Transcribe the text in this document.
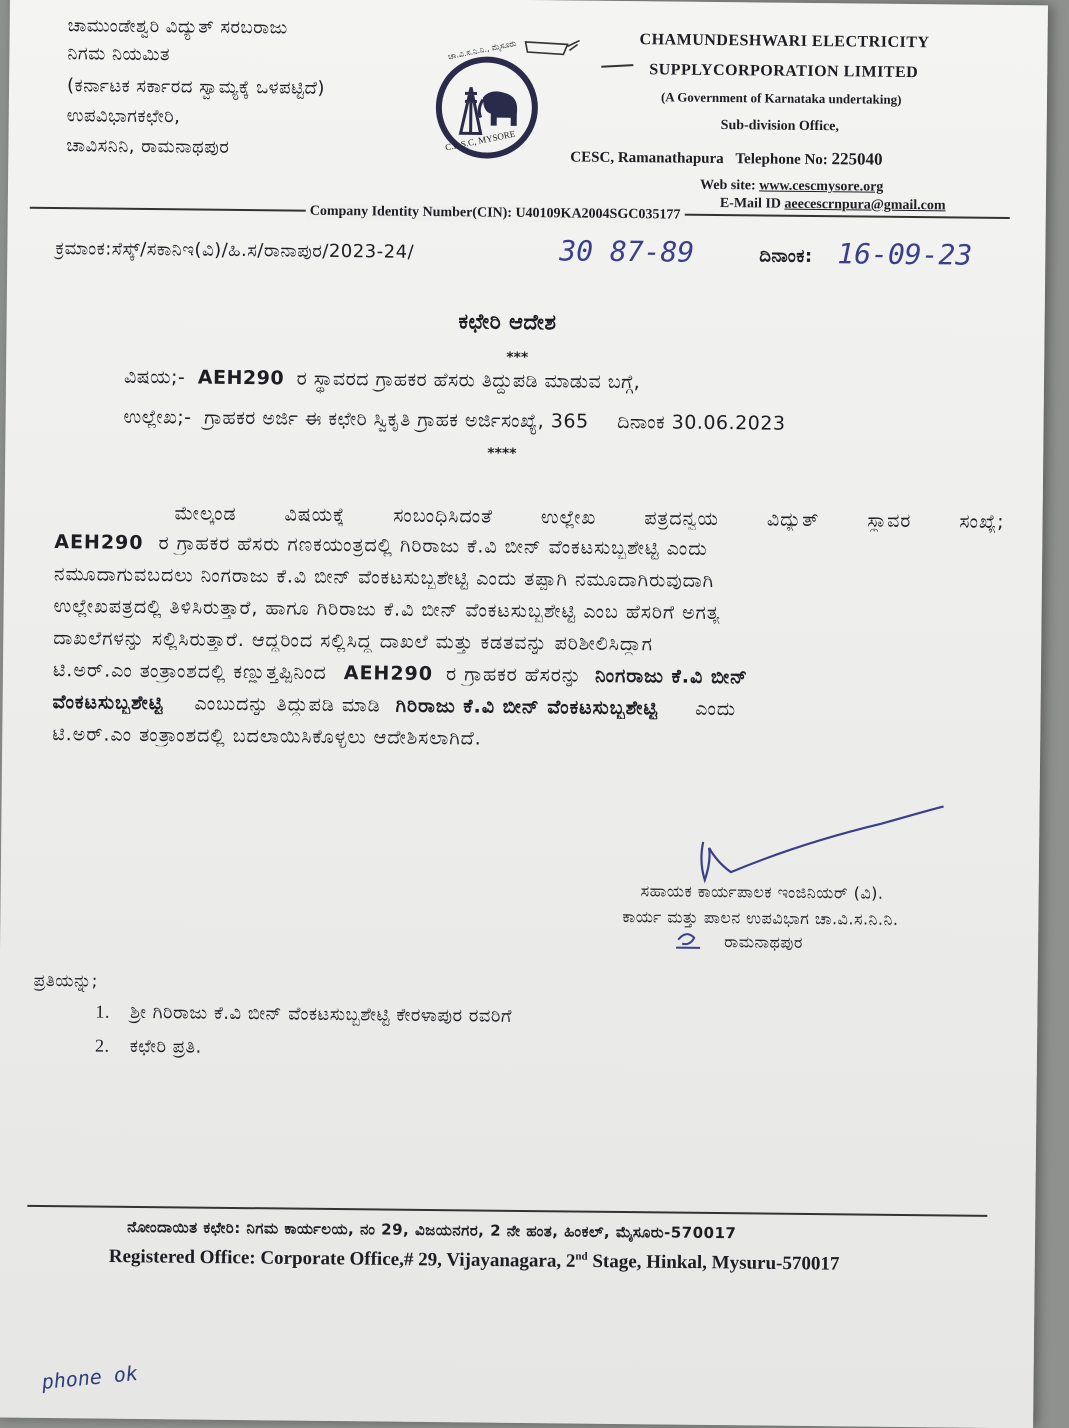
ಚಾಮುಂಡೇಶ್ವರಿ ವಿದ್ಯುತ್ ಸರಬರಾಜು
ನಿಗಮ ನಿಯಮಿತ
(ಕರ್ನಾಟಕ ಸರ್ಕಾರದ ಸ್ವಾಮ್ಯಕ್ಕೆ ಒಳಪಟ್ಟಿದೆ)
ಉಪವಿಭಾಗಕಛೇರಿ,
ಚಾವಿಸನಿನಿ, ರಾಮನಾಥಪುರ
ಚಾ.ವಿ.ಸ.ನಿ.ನಿ., ಮೈಸೂರು
C.E.S.C, MYSORE
CHAMUNDESHWARI ELECTRICITY
SUPPLYCORPORATION LIMITED
(A Government of Karnataka undertaking)
Sub-division Office,
CESC, Ramanathapura Telephone No: 225040
Web site: www.cescmysore.org
E-Mail ID aeecescrnpura@gmail.com
Company Identity Number(CIN): U40109KA2004SGC035177
ಕ್ರಮಾಂಕ:ಸೆಸ್ಕ್/ಸಕಾನಿಇ(ವಿ)/ಹಿ.ಸ/ರಾನಾಪುರ/2023-24/	30 87-89	ದಿನಾಂಕ: 16-09-23
ಕಛೇರಿ ಆದೇಶ
***
ವಿಷಯ;- AEH290 ರ ಸ್ಥಾವರದ ಗ್ರಾಹಕರ ಹೆಸರು ತಿದ್ದುಪಡಿ ಮಾಡುವ ಬಗ್ಗೆ,
ಉಲ್ಲೇಖ;- ಗ್ರಾಹಕರ ಅರ್ಜಿ ಈ ಕಛೇರಿ ಸ್ವಿಕೃತಿ ಗ್ರಾಹಕ ಅರ್ಜಿಸಂಖ್ಯೆ, 365 ದಿನಾಂಕ 30.06.2023
****
ಮೇಲ್ಕಂಡ ವಿಷಯಕ್ಕೆ ಸಂಬಂಧಿಸಿದಂತೆ ಉಲ್ಲೇಖ ಪತ್ರದನ್ವಯ ವಿದ್ಯುತ್ ಸ್ಥಾವರ ಸಂಖ್ಯೆ;
AEH290 ರ ಗ್ರಾಹಕರ ಹೆಸರು ಗಣಕಯಂತ್ರದಲ್ಲಿ ಗಿರಿರಾಜು ಕೆ.ವಿ ಬೀನ್ ವೆಂಕಟಸುಬ್ಬಶೇಟ್ಟಿ ಎಂದು
ನಮೂದಾಗುವಬದಲು ನಿಂಗರಾಜು ಕೆ.ವಿ ಬೀನ್ ವೆಂಕಟಸುಬ್ಬಶೇಟ್ಟಿ ಎಂದು ತಪ್ಪಾಗಿ ನಮೂದಾಗಿರುವುದಾಗಿ
ಉಲ್ಲೇಖಪತ್ರದಲ್ಲಿ ತಿಳಿಸಿರುತ್ತಾರೆ, ಹಾಗೂ ಗಿರಿರಾಜು ಕೆ.ವಿ ಬೀನ್ ವೆಂಕಟಸುಬ್ಬಶೇಟ್ಟಿ ಎಂಬ ಹೆಸರಿಗೆ ಅಗತ್ಯ
ದಾಖಲೆಗಳನ್ನು ಸಲ್ಲಿಸಿರುತ್ತಾರೆ. ಆದ್ದರಿಂದ ಸಲ್ಲಿಸಿದ್ದ ದಾಖಲೆ ಮತ್ತು ಕಡತವನ್ನು ಪರಿಶೀಲಿಸಿದ್ದಾಗ
ಟಿ.ಅರ್.ಎಂ ತಂತ್ರಾಂಶದಲ್ಲಿ ಕಣ್ಣುತ್ತಪ್ಪಿನಿಂದ AEH290 ರ ಗ್ರಾಹಕರ ಹೆಸರನ್ನು ನಿಂಗರಾಜು ಕೆ.ವಿ ಬೀನ್
ವೆಂಕಟಸುಬ್ಬಶೇಟ್ಟಿ ಎಂಬುದನ್ನು ತಿದ್ದುಪಡಿ ಮಾಡಿ ಗಿರಿರಾಜು ಕೆ.ವಿ ಬೀನ್ ವೆಂಕಟಸುಬ್ಬಶೇಟ್ಟಿ ಎಂದು
ಟಿ.ಅರ್.ಎಂ ತಂತ್ರಾಂಶದಲ್ಲಿ ಬದಲಾಯಿಸಿಕೊಳ್ಳಲು ಆದೇಶಿಸಲಾಗಿದೆ.
ಸಹಾಯಕ ಕಾರ್ಯಪಾಲಕ ಇಂಜಿನಿಯರ್ (ವಿ).
ಕಾರ್ಯ ಮತ್ತು ಪಾಲನ ಉಪವಿಭಾಗ ಚಾ.ವಿ.ಸ.ನಿ.ನಿ.
ರಾಮನಾಥಪುರ
ಪ್ರತಿಯನ್ನು;
1. ಶ್ರೀ ಗಿರಿರಾಜು ಕೆ.ವಿ ಬೀನ್ ವೆಂಕಟಸುಬ್ಬಶೇಟ್ಟಿ ಕೇರಳಾಪುರ ರವರಿಗೆ
2. ಕಛೇರಿ ಪ್ರತಿ.
ನೋಂದಾಯಿತ ಕಛೇರಿ: ನಿಗಮ ಕಾರ್ಯಲಯ, ನಂ 29, ವಿಜಯನಗರ, 2 ನೇ ಹಂತ, ಹಿಂಕಲ್, ಮೈಸೂರು-570017
Registered Office: Corporate Office,# 29, Vijayanagara, 2nd Stage, Hinkal, Mysuru-570017
phone ok
